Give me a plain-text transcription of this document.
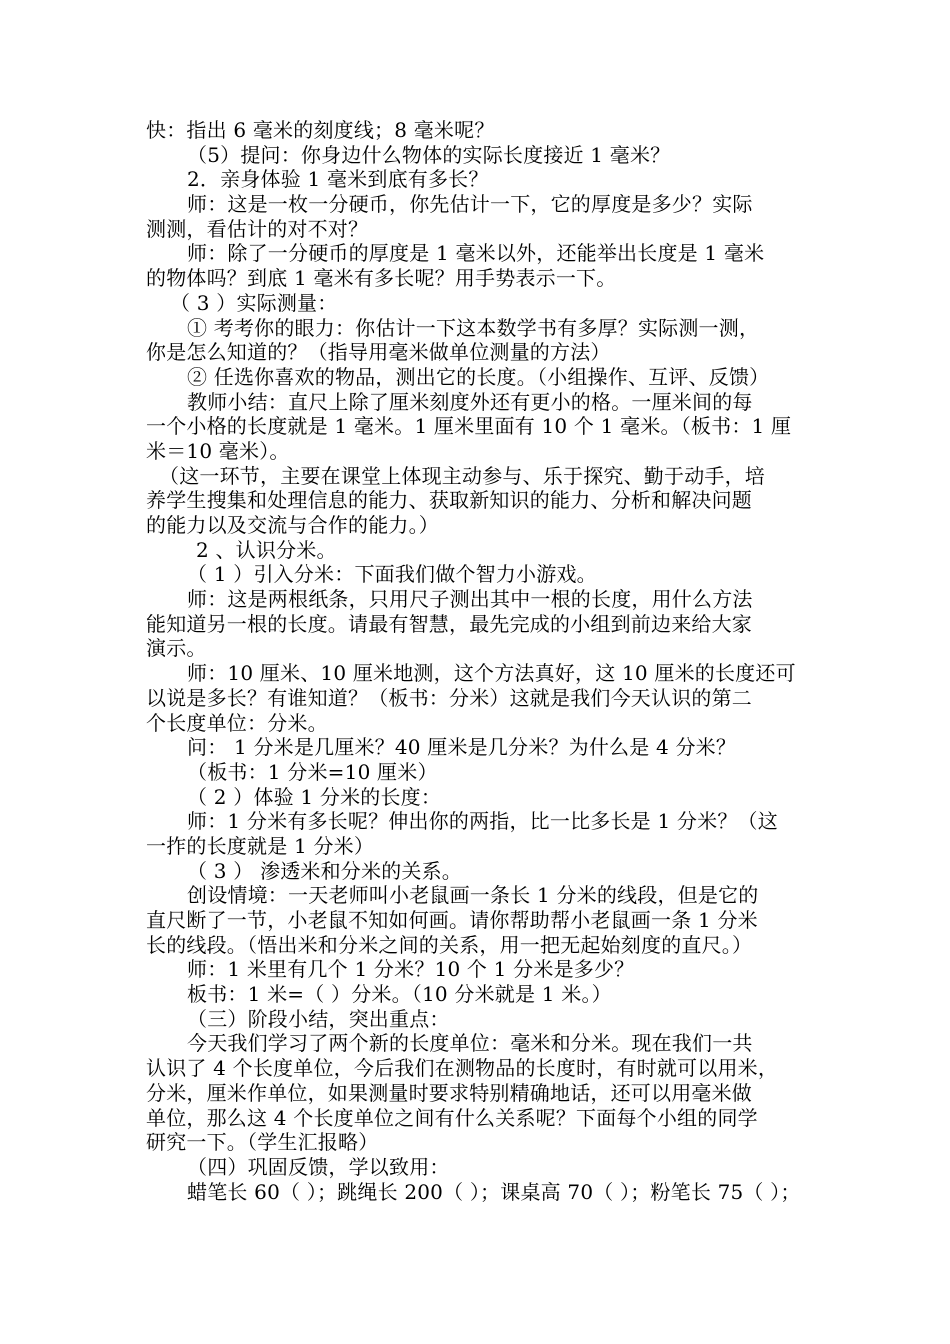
快：指出 6 毫米的刻度线；8 毫米呢？
（5）提问：你身边什么物体的实际长度接近 1 毫米？
2．亲身体验 1 毫米到底有多长？
师：这是一枚一分硬币，你先估计一下，它的厚度是多少？实际
测测，看估计的对不对？
师：除了一分硬币的厚度是 1 毫米以外，还能举出长度是 1 毫米
的物体吗？到底 1 毫米有多长呢？用手势表示一下。
（ 3 ）实际测量：
① 考考你的眼力：你估计一下这本数学书有多厚？实际测一测，
你是怎么知道的？（指导用毫米做单位测量的方法）
② 任选你喜欢的物品，测出它的长度。（小组操作、互评、反馈）
教师小结：直尺上除了厘米刻度外还有更小的格。一厘米间的每
一个小格的长度就是 1 毫米。1 厘米里面有 10 个 1 毫米。（板书：1 厘
米＝10 毫米）。
（这一环节，主要在课堂上体现主动参与、乐于探究、勤于动手，培
养学生搜集和处理信息的能力、获取新知识的能力、分析和解决问题
的能力以及交流与合作的能力。）
2 、认识分米。
（ 1 ）引入分米：下面我们做个智力小游戏。
师：这是两根纸条，只用尺子测出其中一根的长度，用什么方法
能知道另一根的长度。请最有智慧，最先完成的小组到前边来给大家
演示。
师：10 厘米、10 厘米地测，这个方法真好，这 10 厘米的长度还可
以说是多长？有谁知道？（板书：分米）这就是我们今天认识的第二
个长度单位：分米。
问： 1 分米是几厘米？40 厘米是几分米？为什么是 4 分米？
（板书：1 分米=10 厘米）
（ 2 ）体验 1 分米的长度：
师：1 分米有多长呢？伸出你的两指，比一比多长是 1 分米？（这
一拃的长度就是 1 分米）
（ 3 ） 渗透米和分米的关系。
创设情境：一天老师叫小老鼠画一条长 1 分米的线段，但是它的
直尺断了一节，小老鼠不知如何画。请你帮助帮小老鼠画一条 1 分米
长的线段。（悟出米和分米之间的关系，用一把无起始刻度的直尺。）
师：1 米里有几个 1 分米？10 个 1 分米是多少？
板书：1 米=（ ）分米。（10 分米就是 1 米。）
（三）阶段小结，突出重点：
今天我们学习了两个新的长度单位：毫米和分米。现在我们一共
认识了 4 个长度单位，今后我们在测物品的长度时，有时就可以用米，
分米，厘米作单位，如果测量时要求特别精确地话，还可以用毫米做
单位，那么这 4 个长度单位之间有什么关系呢？下面每个小组的同学
研究一下。（学生汇报略）
（四）巩固反馈，学以致用：
蜡笔长 60（ ）；跳绳长 200（ ）；课桌高 70（ ）；粉笔长 75（ ）；
